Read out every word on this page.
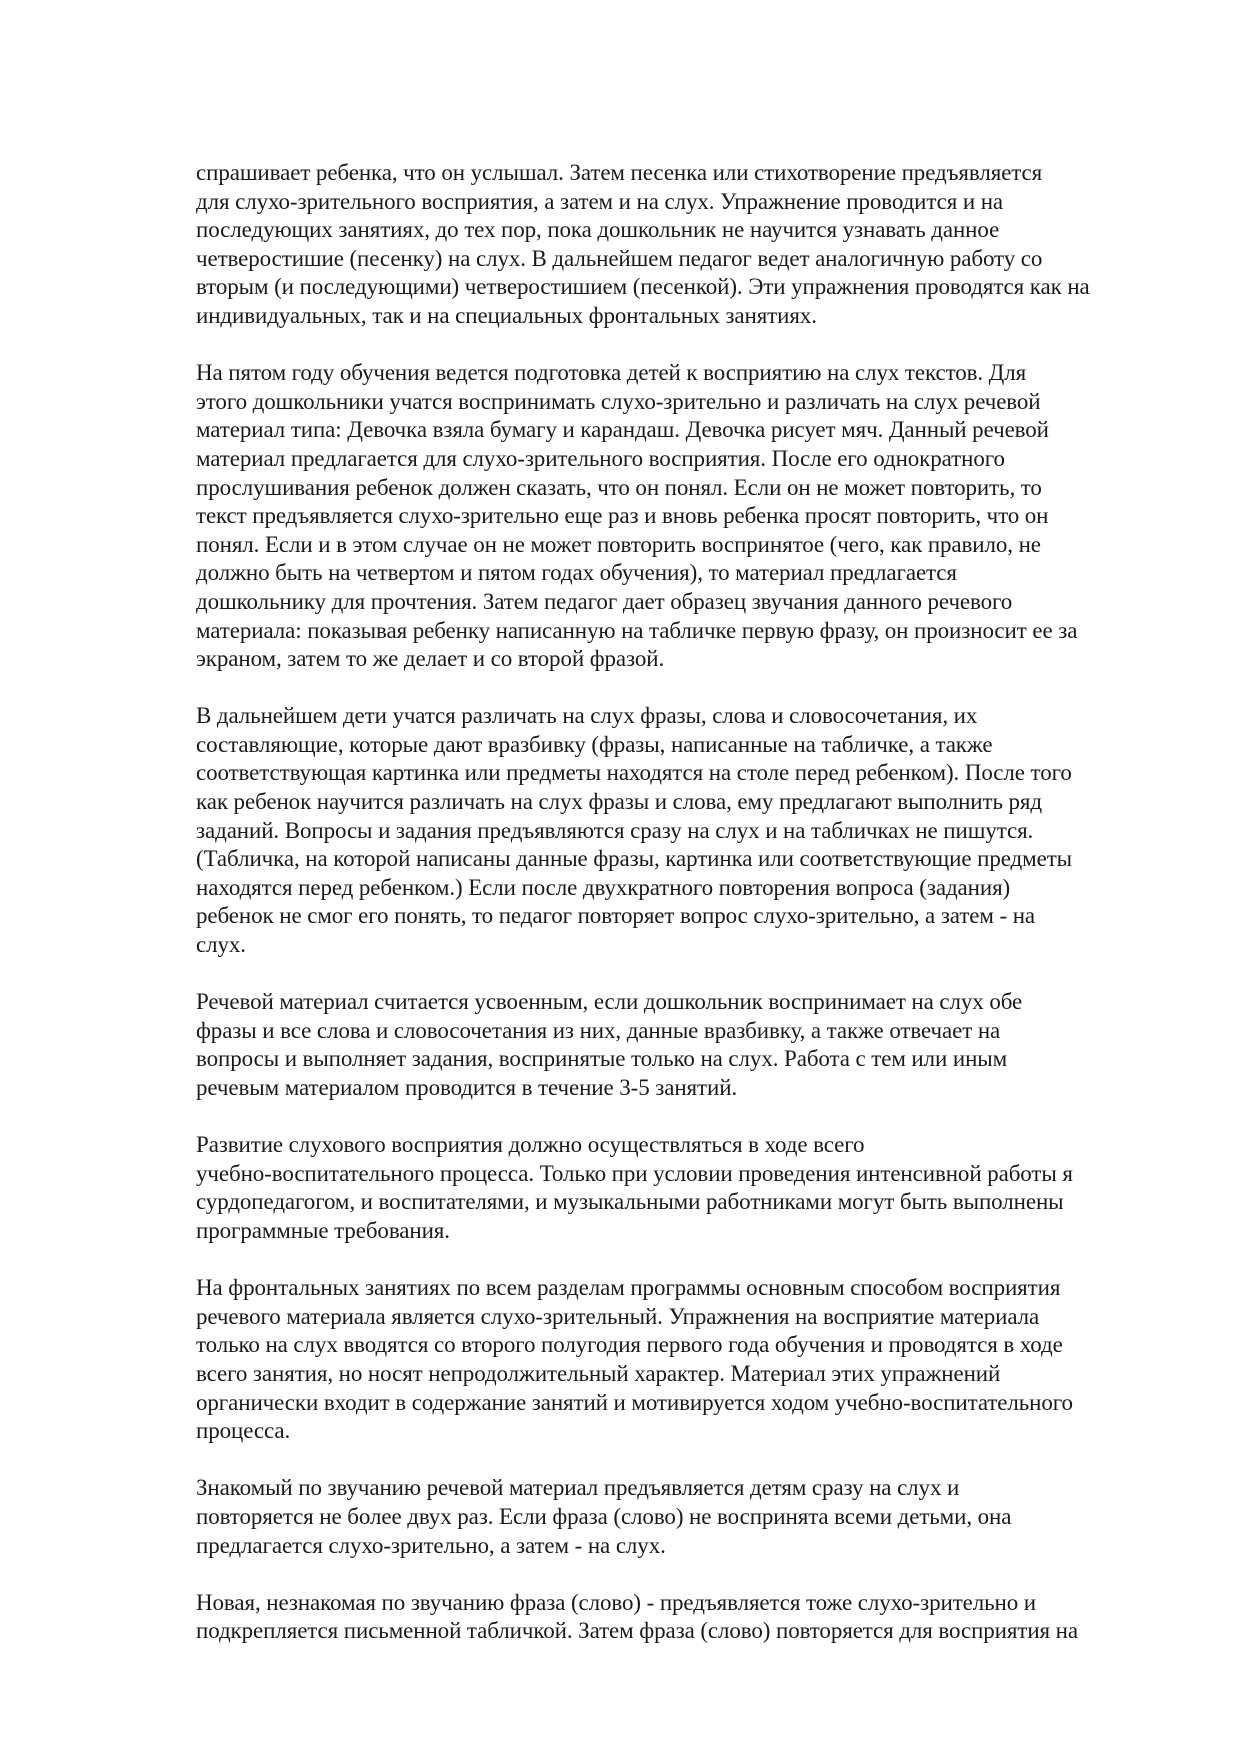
спрашивает ребенка, что он услышал. Затем песенка или стихотворение предъявляется
для слухо-зрительного восприятия, а затем и на слух. Упражнение проводится и на
последующих занятиях, до тех пор, пока дошкольник не научится узнавать данное
четверостишие (песенку) на слух. В дальнейшем педагог ведет аналогичную работу со
вторым (и последующими) четверостишием (песенкой). Эти упражнения проводятся как на
индивидуальных, так и на специальных фронтальных занятиях.
На пятом году обучения ведется подготовка детей к восприятию на слух текстов. Для
этого дошкольники учатся воспринимать слухо-зрительно и различать на слух речевой
материал типа: Девочка взяла бумагу и карандаш. Девочка рисует мяч. Данный речевой
материал предлагается для слухо-зрительного восприятия. После его однократного
прослушивания ребенок должен сказать, что он понял. Если он не может повторить, то
текст предъявляется слухо-зрительно еще раз и вновь ребенка просят повторить, что он
понял. Если и в этом случае он не может повторить воспринятое (чего, как правило, не
должно быть на четвертом и пятом годах обучения), то материал предлагается
дошкольнику для прочтения. Затем педагог дает образец звучания данного речевого
материала: показывая ребенку написанную на табличке первую фразу, он произносит ее за
экраном, затем то же делает и со второй фразой.
В дальнейшем дети учатся различать на слух фразы, слова и словосочетания, их
составляющие, которые дают вразбивку (фразы, написанные на табличке, а также
соответствующая картинка или предметы находятся на столе перед ребенком). После того
как ребенок научится различать на слух фразы и слова, ему предлагают выполнить ряд
заданий. Вопросы и задания предъявляются сразу на слух и на табличках не пишутся.
(Табличка, на которой написаны данные фразы, картинка или соответствующие предметы
находятся перед ребенком.) Если после двухкратного повторения вопроса (задания)
ребенок не смог его понять, то педагог повторяет вопрос слухо-зрительно, а затем - на
слух.
Речевой материал считается усвоенным, если дошкольник воспринимает на слух обе
фразы и все слова и словосочетания из них, данные вразбивку, а также отвечает на
вопросы и выполняет задания, воспринятые только на слух. Работа с тем или иным
речевым материалом проводится в течение 3-5 занятий.
Развитие слухового восприятия должно осуществляться в ходе всего
учебно-воспитательного процесса. Только при условии проведения интенсивной работы я
сурдопедагогом, и воспитателями, и музыкальными работниками могут быть выполнены
программные требования.
На фронтальных занятиях по всем разделам программы основным способом восприятия
речевого материала является слухо-зрительный. Упражнения на восприятие материала
только на слух вводятся со второго полугодия первого года обучения и проводятся в ходе
всего занятия, но носят непродолжительный характер. Материал этих упражнений
органически входит в содержание занятий и мотивируется ходом учебно-воспитательного
процесса.
Знакомый по звучанию речевой материал предъявляется детям сразу на слух и
повторяется не более двух раз. Если фраза (слово) не воспринята всеми детьми, она
предлагается слухо-зрительно, а затем - на слух.
Новая, незнакомая по звучанию фраза (слово) - предъявляется тоже слухо-зрительно и
подкрепляется письменной табличкой. Затем фраза (слово) повторяется для восприятия на
